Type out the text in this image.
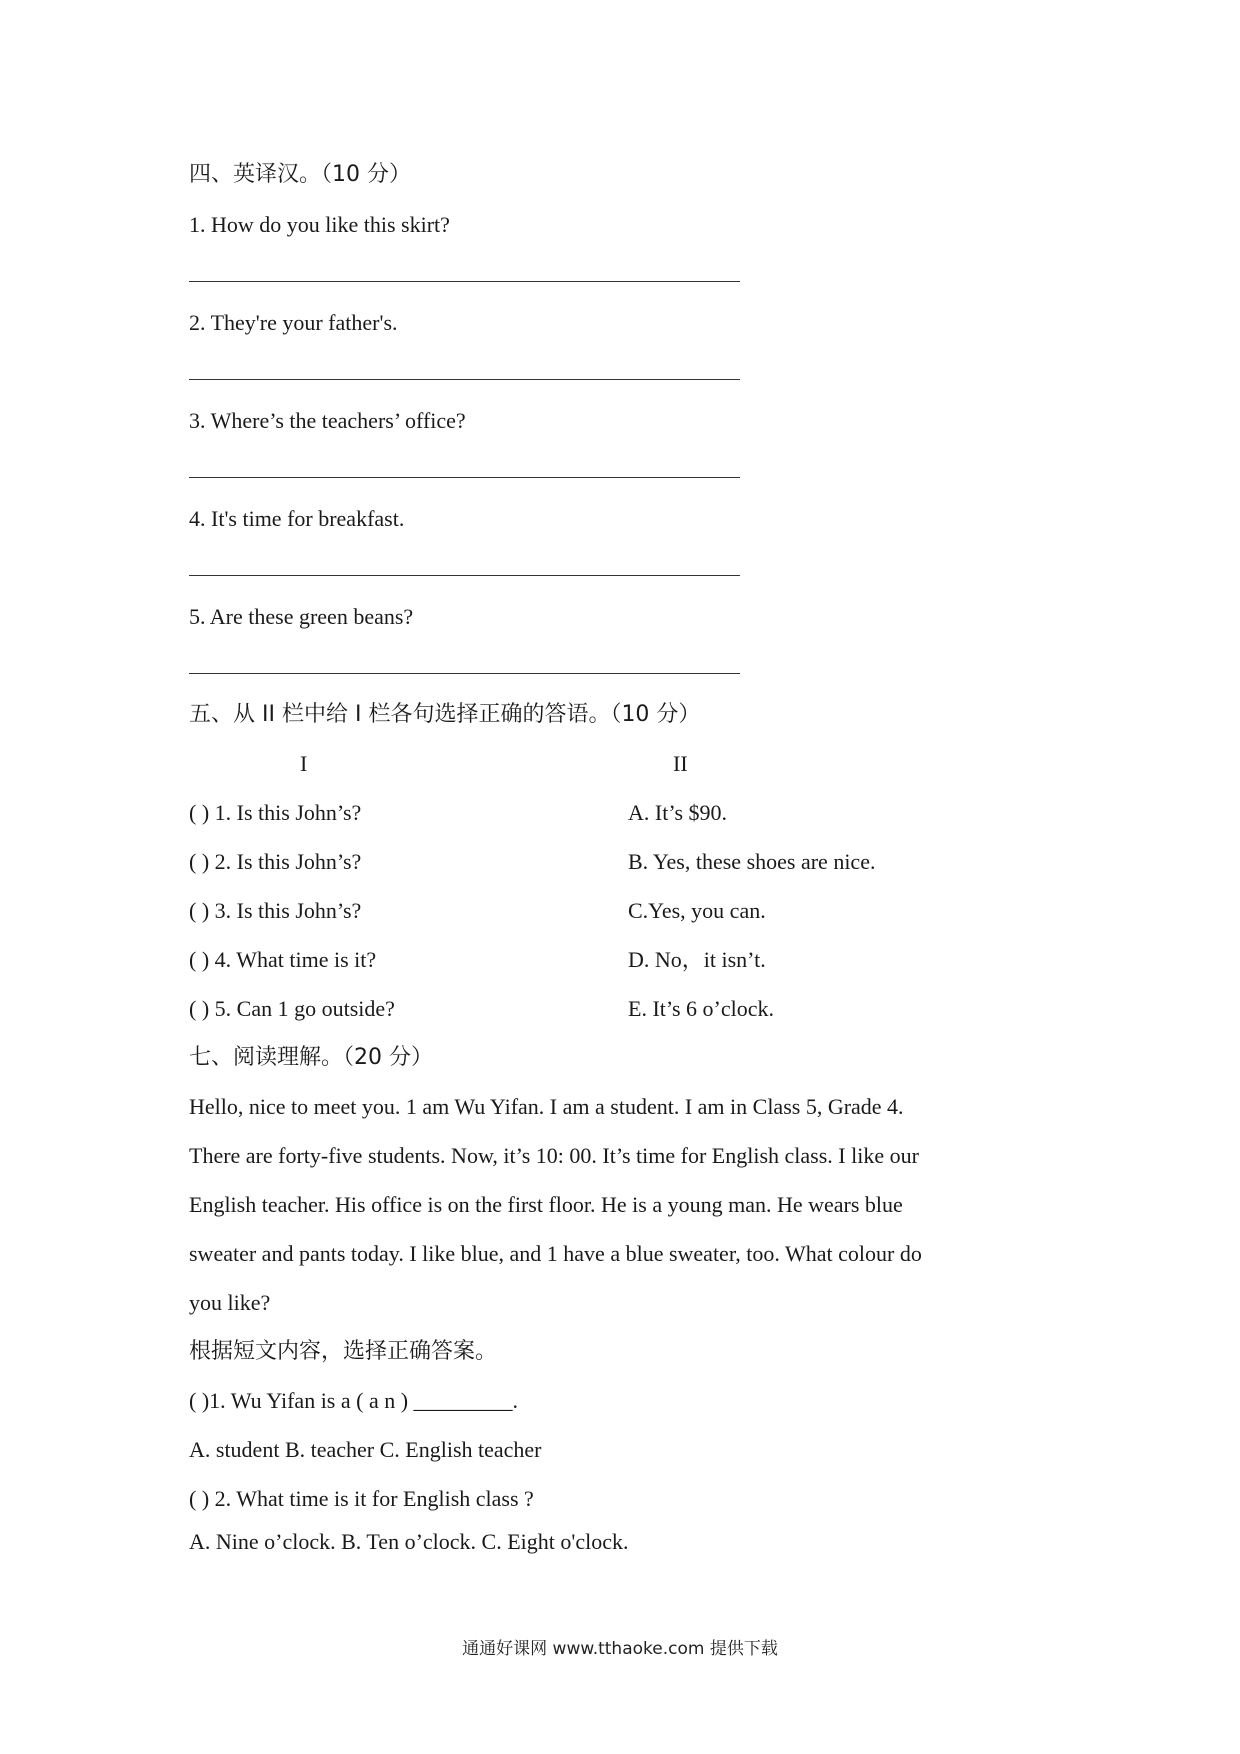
四、英译汉。（10 分）
1. How do you like this skirt?
2. They're your father's.
3. Where’s the teachers’ office?
4. It's time for breakfast.
5. Are these green beans?
五、从 II 栏中给 I 栏各句选择正确的答语。（10 分）
I	II
( ) 1. Is this John’s?	A. It’s $90.
( ) 2. Is this John’s?	B. Yes, these shoes are nice.
( ) 3. Is this John’s?	C.Yes, you can.
( ) 4. What time is it?	D. No，it isn’t.
( ) 5. Can 1 go outside?	E. It’s 6 o’clock.
七、阅读理解。（20 分）
Hello, nice to meet you. 1 am Wu Yifan. I am a student. I am in Class 5, Grade 4.
There are forty-five students. Now, it’s 10: 00. It’s time for English class. I like our
English teacher. His office is on the first floor. He is a young man. He wears blue
sweater and pants today. I like blue, and 1 have a blue sweater, too. What colour do
you like?
根据短文内容，选择正确答案。
( )1. Wu Yifan is a ( a n ) _________.
A. student B. teacher C. English teacher
( ) 2. What time is it for English class ?
A. Nine o’clock. B. Ten o’clock. C. Eight o'clock.
通通好课网 www.tthaoke.com 提供下载
